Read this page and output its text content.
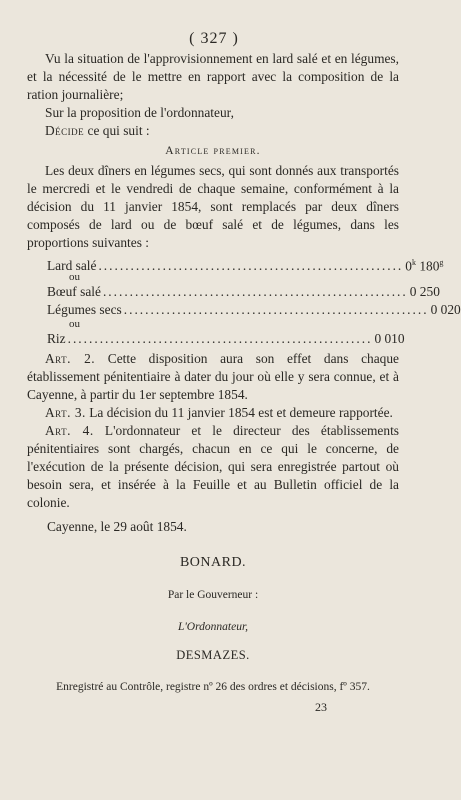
( 327 )

Vu la situation de l'approvisionnement en lard salé et en légumes, et la nécessité de le mettre en rapport avec la composition de la ration journalière;

Sur la proposition de l'ordonnateur,

Décide ce qui suit :

Article premier.

Les deux dîners en légumes secs, qui sont donnés aux transportés le mercredi et le vendredi de chaque semaine, conformément à la décision du 11 janvier 1854, sont remplacés par deux dîners composés de lard ou de bœuf salé et de légumes, dans les proportions suivantes :

Lard salé ......................................................... 0$^k$ 180$^g$
ou
Bœuf salé ......................................................... 0 250
Légumes secs ......................................................... 0 020
ou
Riz ......................................................... 0 010

Art. 2. Cette disposition aura son effet dans chaque établissement pénitentiaire à dater du jour où elle y sera connue, et à Cayenne, à partir du 1er septembre 1854.

Art. 3. La décision du 11 janvier 1854 est et demeure rapportée.

Art. 4. L'ordonnateur et le directeur des établissements pénitentiaires sont chargés, chacun en ce qui le concerne, de l'exécution de la présente décision, qui sera enregistrée partout où besoin sera, et insérée à la Feuille et au Bulletin officiel de la colonie.

Cayenne, le 29 août 1854.

BONARD.
Par le Gouverneur :
L'Ordonnateur,
DESMAZES.
Enregistré au Contrôle, registre nº 26 des ordres et décisions, fº 357.
23
